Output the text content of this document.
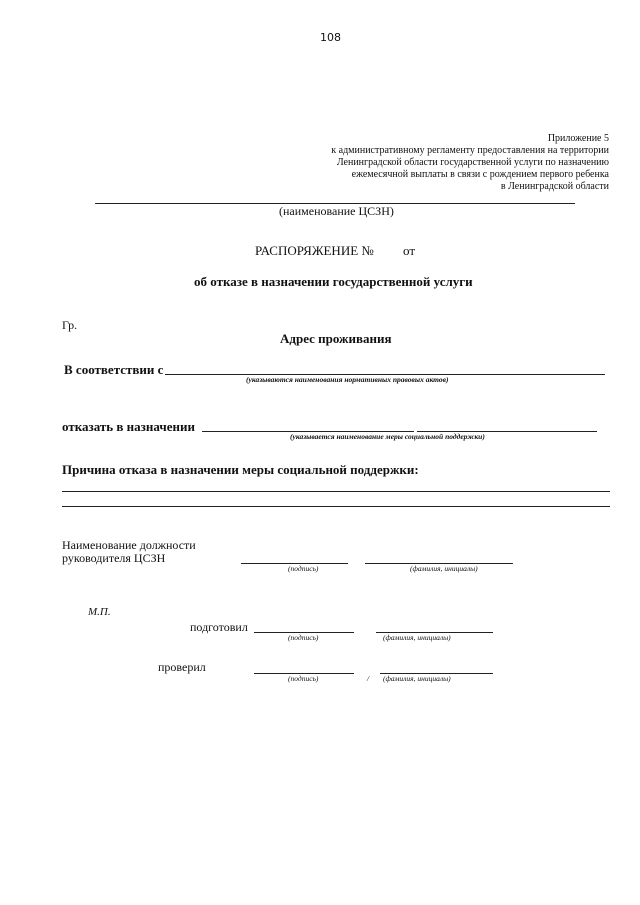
108
Приложение 5
к административному регламенту предоставления на территории
Ленинградской области государственной услуги по назначению
ежемесячной выплаты в связи с рождением первого ребенка
в Ленинградской области
(наименование ЦСЗН)
РАСПОРЯЖЕНИЕ № от
об отказе в назначении государственной услуги
Гр.
Адрес проживания
В соответствии с
(указываются наименования нормативных правовых актов)
отказать в назначении
(указывается наименование меры социальной поддержки)
Причина отказа в назначении меры социальной поддержки:
Наименование должности
руководителя ЦСЗН
(подпись)	(фамилия, инициалы)
М.П.
подготовил
(подпись)	(фамилия, инициалы)
проверил
(подпись)	/ (фамилия, инициалы)
